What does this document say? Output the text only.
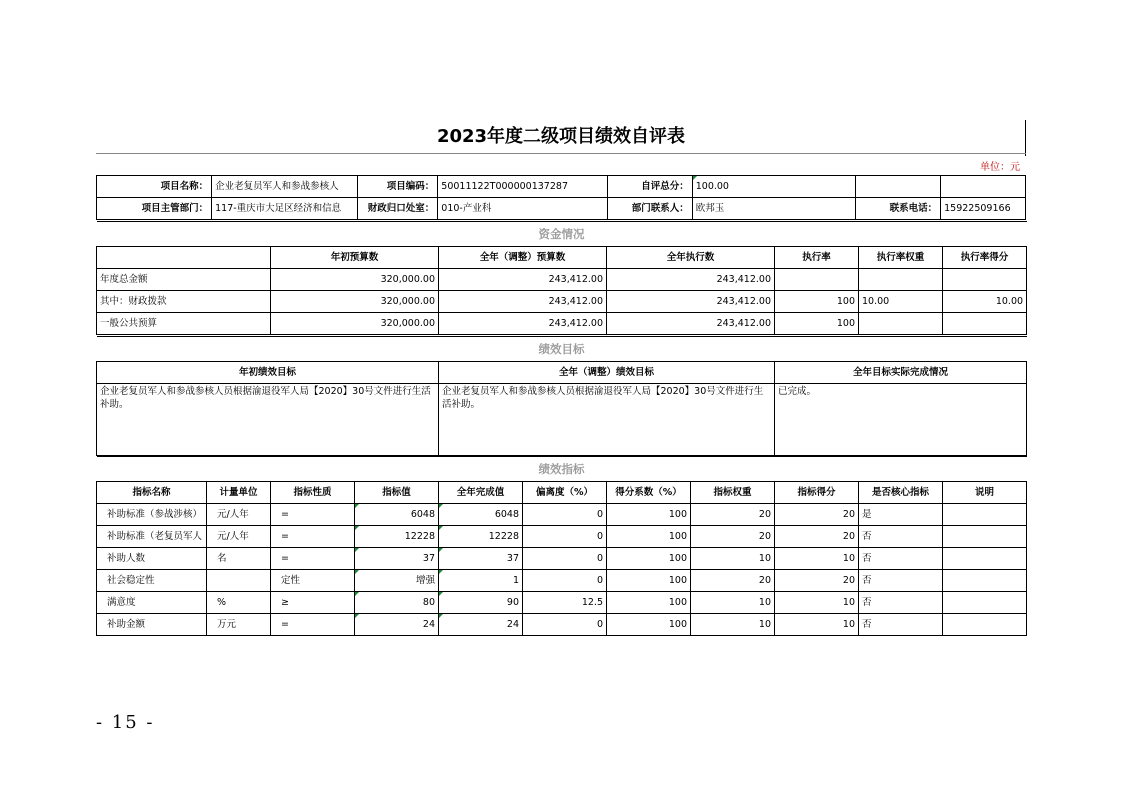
2023年度二级项目绩效自评表
单位：元
项目名称：	企业老复员军人和参战参核人	项目编码：	50011122T000000137287	自评总分：	100.00		
项目主管部门：	117-重庆市大足区经济和信息	财政归口处室：	010-产业科	部门联系人：	欧邦玉	联系电话：	15922509166
资金情况						
	年初预算数	全年（调整）预算数	全年执行数	执行率	执行率权重	执行率得分
年度总金额	320,000.00	243,412.00	243,412.00			
其中：财政拨款	320,000.00	243,412.00	243,412.00	100	10.00	10.00
一般公共预算	320,000.00	243,412.00	243,412.00	100		
绩效目标		
年初绩效目标	全年（调整）绩效目标	全年目标实际完成情况
企业老复员军人和参战参核人员根据渝退役军人局【2020】30号文件进行生活补助。	企业老复员军人和参战参核人员根据渝退役军人局【2020】30号文件进行生活补助。	已完成。
绩效指标										
指标名称	计量单位	指标性质	指标值	全年完成值	偏离度（%）	得分系数（%）	指标权重	指标得分	是否核心指标	说明
补助标准（参战涉核）	元/人年	=	6048	6048	0	100	20	20	是	
补助标准（老复员军人	元/人年	=	12228	12228	0	100	20	20	否	
补助人数	名	=	37	37	0	100	10	10	否	
社会稳定性		定性	增强	1	0	100	20	20	否	
满意度	%	≥	80	90	12.5	100	10	10	否	
补助金额	万元	=	24	24	0	100	10	10	否	
- 15 -
